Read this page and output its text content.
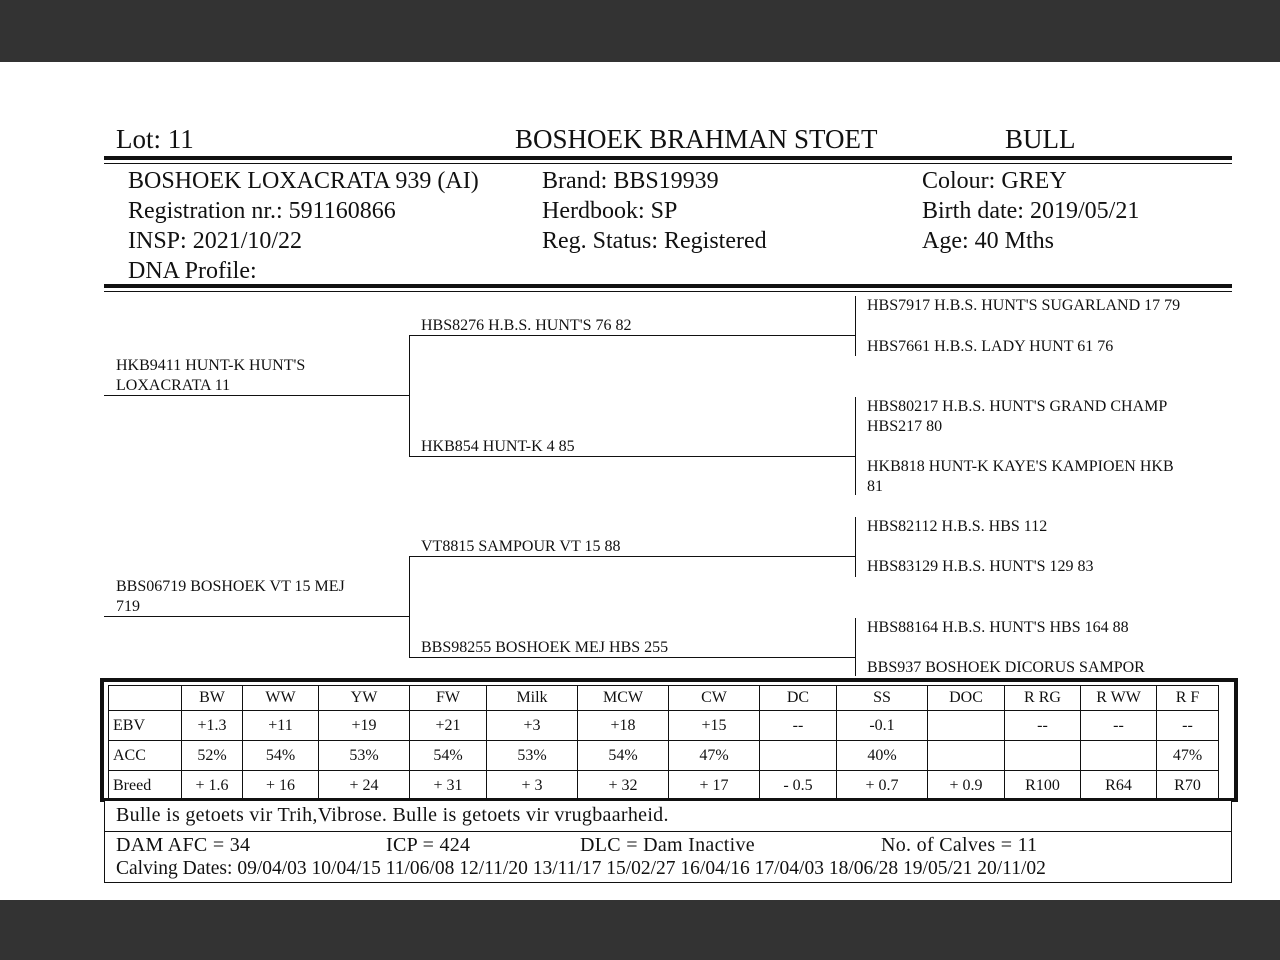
Lot: 11	BOSHOEK BRAHMAN STOET	BULL
BOSHOEK LOXACRATA 939 (AI)
Registration nr.: 591160866
INSP: 2021/10/22
DNA Profile:
Brand: BBS19939
Herdbook: SP
Reg. Status: Registered
Colour: GREY
Birth date: 2019/05/21
Age: 40 Mths
HKB9411 HUNT-K HUNT'S
LOXACRATA 11
BBS06719 BOSHOEK VT 15 MEJ
719
HBS8276 H.B.S. HUNT'S 76 82
HKB854 HUNT-K 4 85
VT8815 SAMPOUR VT 15 88
BBS98255 BOSHOEK MEJ HBS 255
HBS7917 H.B.S. HUNT'S SUGARLAND 17 79
HBS7661 H.B.S. LADY HUNT 61 76
HBS80217 H.B.S. HUNT'S GRAND CHAMP
HBS217 80
HKB818 HUNT-K KAYE'S KAMPIOEN HKB
81
HBS82112 H.B.S. HBS 112
HBS83129 H.B.S. HUNT'S 129 83
HBS88164 H.B.S. HUNT'S HBS 164 88
BBS937 BOSHOEK DICORUS SAMPOR
	BW	WW	YW	FW	Milk	MCW	CW	DC	SS	DOC	R RG	R WW	R F
EBV	+1.3	+11	+19	+21	+3	+18	+15	--	-0.1		--	--	--
ACC	52%	54%	53%	54%	53%	54%	47%		40%				47%
Breed	+ 1.6	+ 16	+ 24	+ 31	+ 3	+ 32	+ 17	- 0.5	+ 0.7	+ 0.9	R100	R64	R70
Bulle is getoets vir Trih,Vibrose. Bulle is getoets vir vrugbaarheid.
DAM AFC = 34	ICP = 424	DLC = Dam Inactive	No. of Calves = 11
Calving Dates: 09/04/03 10/04/15 11/06/08 12/11/20 13/11/17 15/02/27 16/04/16 17/04/03 18/06/28 19/05/21 20/11/02
